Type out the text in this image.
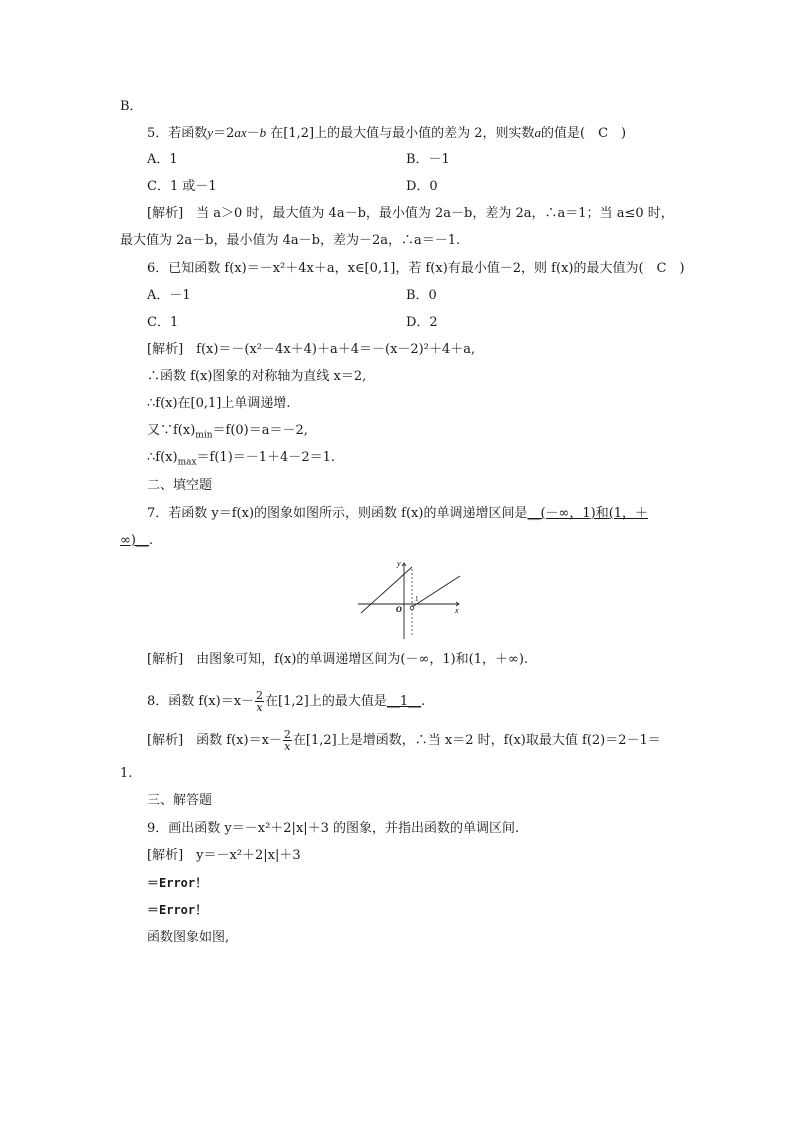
B．
5．若函数y＝2ax－b 在[1,2]上的最大值与最小值的差为 2，则实数a的值是(　C　)
A．1	B．－1
C．1 或－1	D．0
[解析]　当 a＞0 时，最大值为 4a－b，最小值为 2a－b，差为 2a，∴a＝1；当 a≤0 时，
最大值为 2a－b，最小值为 4a－b，差为－2a，∴a＝－1.
6．已知函数 f(x)＝－x²＋4x＋a，x∈[0,1]，若 f(x)有最小值－2，则 f(x)的最大值为(　C　)
A．－1	B．0
C．1	D．2
[解析]　f(x)＝－(x²－4x＋4)＋a＋4＝－(x－2)²＋4＋a,
∴函数 f(x)图象的对称轴为直线 x＝2,
∴f(x)在[0,1]上单调递增.
又$\because f(x)_{min}=f(0)=a=-2$,
$\therefore f(x)_{max}=f(1)=-1+4-2=1$.
二、填空题
7．若函数 y＝f(x)的图象如图所示，则函数 f(x)的单调递增区间是__(－∞，1)和(1，＋
∞)__.
y
x
O
1
[解析]　由图象可知，f(x)的单调递增区间为(－∞，1)和(1，＋∞).
8．函数 $f(x)=x- \frac{2}{x}$ 在[1,2]上的最大值是__1__.
[解析]　函数 $f(x)=x- \frac{2}{x}$ 在[1,2]上是增函数，∴当 x＝2 时，f(x)取最大值 f(2)＝2－1＝
1.
三、解答题
9．画出函数 y＝－x²＋2|x|＋3 的图象，并指出函数的单调区间.
[解析]　y＝－x²＋2|x|＋3
＝Error！
＝Error！
函数图象如图,
